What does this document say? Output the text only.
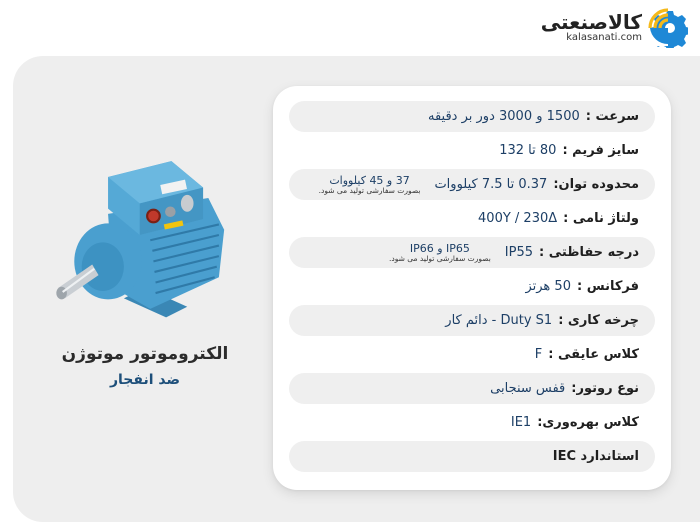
کالاصنعتی
kalasanati.com
الکتروموتور موتوژن
ضد انفجار
سرعت :
1500 و 3000 دور بر دقیقه
سایز فریم :
80 تا 132
محدوده توان:
0.37 تا 7.5 کیلووات
37 و 45 کیلووات
بصورت سفارشی تولید می شود.
ولتاژ نامی :
400Y / 230Δ
درجه حفاظتی :
IP55
IP65 و IP66
بصورت سفارشی تولید می شود.
فرکانس :
50 هرتز
چرخه کاری :
Duty S1 - دائم کار
کلاس عایقی :
F
نوع روتور:
قفس سنجابی
کلاس بهره‌وری:
IE1
استاندارد IEC
